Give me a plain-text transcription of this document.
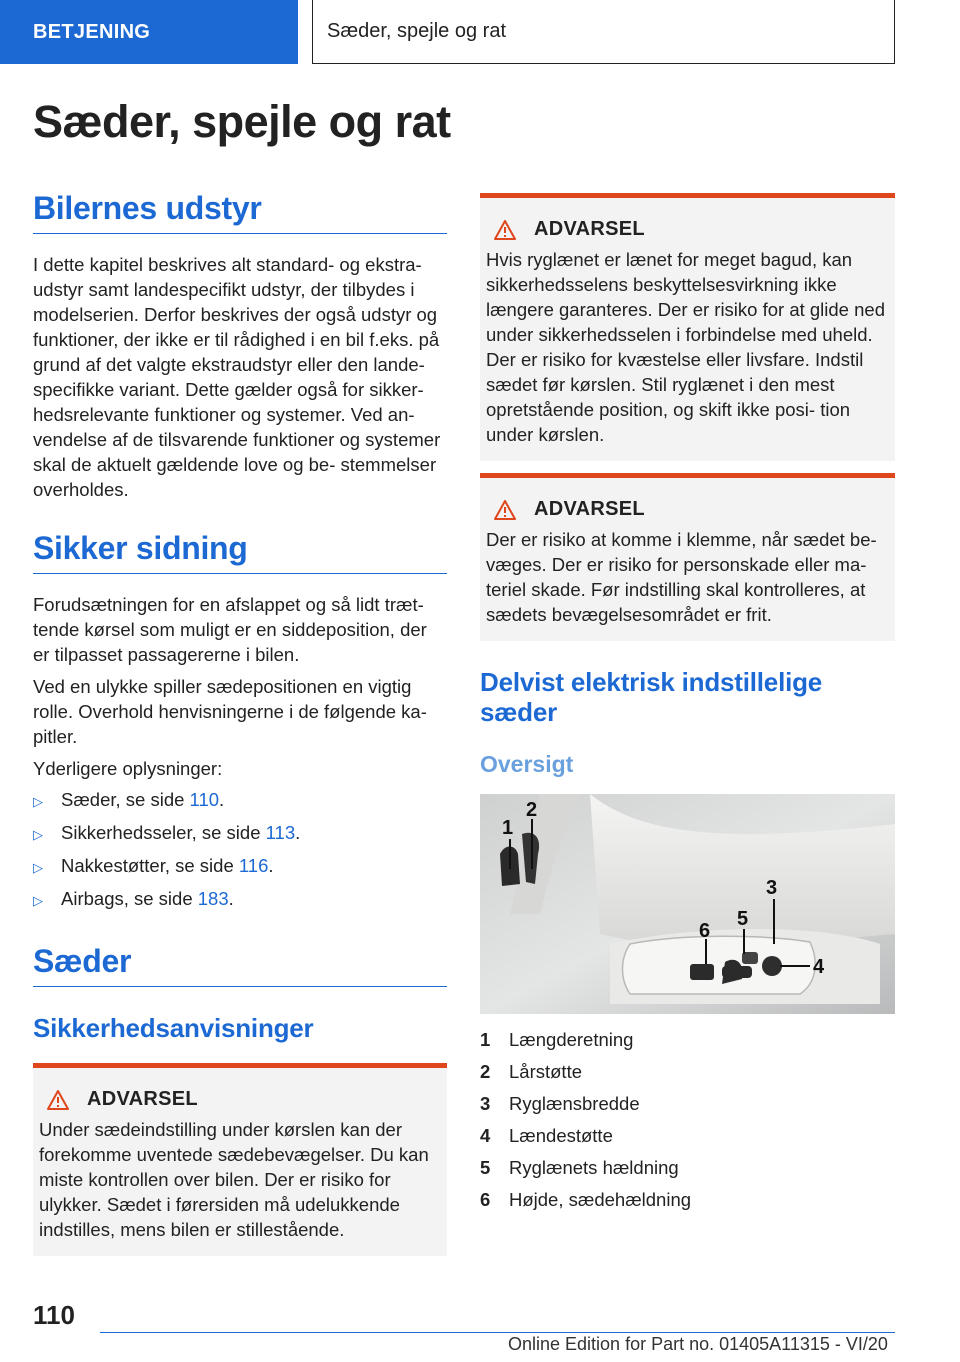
BETJENING	Sæder, spejle og rat
Sæder, spejle og rat
Bilernes udstyr

I dette kapitel beskrives alt standard- og ekstra- udstyr samt landespecifikt udstyr, der tilbydes i modelserien. Derfor beskrives der også udstyr og funktioner, der ikke er til rådighed i en bil f.eks. på grund af det valgte ekstraudstyr eller den lande- specifikke variant. Dette gælder også for sikker- hedsrelevante funktioner og systemer. Ved an- vendelse af de tilsvarende funktioner og systemer skal de aktuelt gældende love og be- stemmelser overholdes.

Sikker sidning

Forudsætningen for en afslappet og så lidt træt- tende kørsel som muligt er en siddeposition, der er tilpasset passagererne i bilen.

Ved en ulykke spiller sædepositionen en vigtig rolle. Overhold henvisningerne i de følgende ka- pitler.

Yderligere oplysninger:

▷ Sæder, se side 110.
▷ Sikkerhedsseler, se side 113.
▷ Nakkestøtter, se side 116.
▷ Airbags, se side 183.
Sæder
Sikkerhedsanvisninger
ADVARSEL

Under sædeindstilling under kørslen kan der forekomme uventede sædebevægelser. Du kan miste kontrollen over bilen. Der er risiko for ulykker. Sædet i førersiden må udelukkende indstilles, mens bilen er stillestående.

ADVARSEL

Hvis ryglænet er lænet for meget bagud, kan sikkerhedsselens beskyttelsesvirkning ikke længere garanteres. Der er risiko for at glide ned under sikkerhedsselen i forbindelse med uheld. Der er risiko for kvæstelse eller livsfare. Indstil sædet før kørslen. Stil ryglænet i den mest opretstående position, og skift ikke posi- tion under kørslen.

ADVARSEL

Der er risiko at komme i klemme, når sædet be- væges. Der er risiko for personskade eller ma- teriel skade. Før indstilling skal kontrolleres, at sædets bevægelsesområdet er frit.

Delvist elektrisk indstillelige sæder
Oversigt
1
2
3
4
5
6
1	Længderetning
2	Lårstøtte
3	Ryglænsbredde
4	Lændestøtte
5	Ryglænets hældning
6	Højde, sædehældning
110
Online Edition for Part no. 01405A11315 - VI/20
